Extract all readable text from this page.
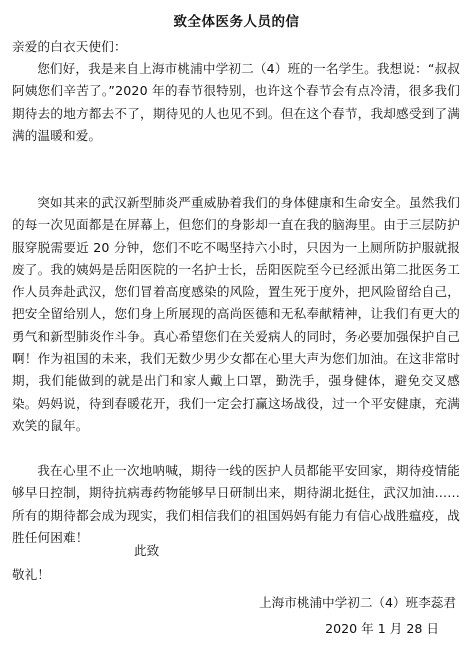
致全体医务人员的信
亲爱的白衣天使们：

您们好，我是来自上海市桃浦中学初二（4）班的一名学生。我想说：“叔叔阿姨您们辛苦了。”2020 年的春节很特别，也许这个春节会有点冷清，很多我们期待去的地方都去不了，期待见的人也见不到。但在这个春节，我却感受到了满满的温暖和爱。

突如其来的武汉新型肺炎严重威胁着我们的身体健康和生命安全。虽然我们的每一次见面都是在屏幕上，但您们的身影却一直在我的脑海里。由于三层防护服穿脱需要近 20 分钟，您们不吃不喝坚持六小时，只因为一上厕所防护服就报废了。我的姨妈是岳阳医院的一名护士长，岳阳医院至今已经派出第二批医务工作人员奔赴武汉，您们冒着高度感染的风险，置生死于度外，把风险留给自己，把安全留给别人，您们身上所展现的高尚医德和无私奉献精神，让我们有更大的勇气和新型肺炎作斗争。真心希望您们在关爱病人的同时，务必要加强保护自己啊！作为祖国的未来，我们无数少男少女都在心里大声为您们加油。在这非常时期，我们能做到的就是出门和家人戴上口罩，勤洗手，强身健体，避免交叉感染。妈妈说，待到春暖花开，我们一定会打赢这场战役，过一个平安健康，充满欢笑的鼠年。

我在心里不止一次地呐喊，期待一线的医护人员都能平安回家，期待疫情能够早日控制，期待抗病毒药物能够早日研制出来，期待湖北挺住，武汉加油……所有的期待都会成为现实，我们相信我们的祖国妈妈有能力有信心战胜瘟疫，战胜任何困难！

此致
敬礼！
上海市桃浦中学初二（4）班李蕊君
2020 年 1 月 28 日
